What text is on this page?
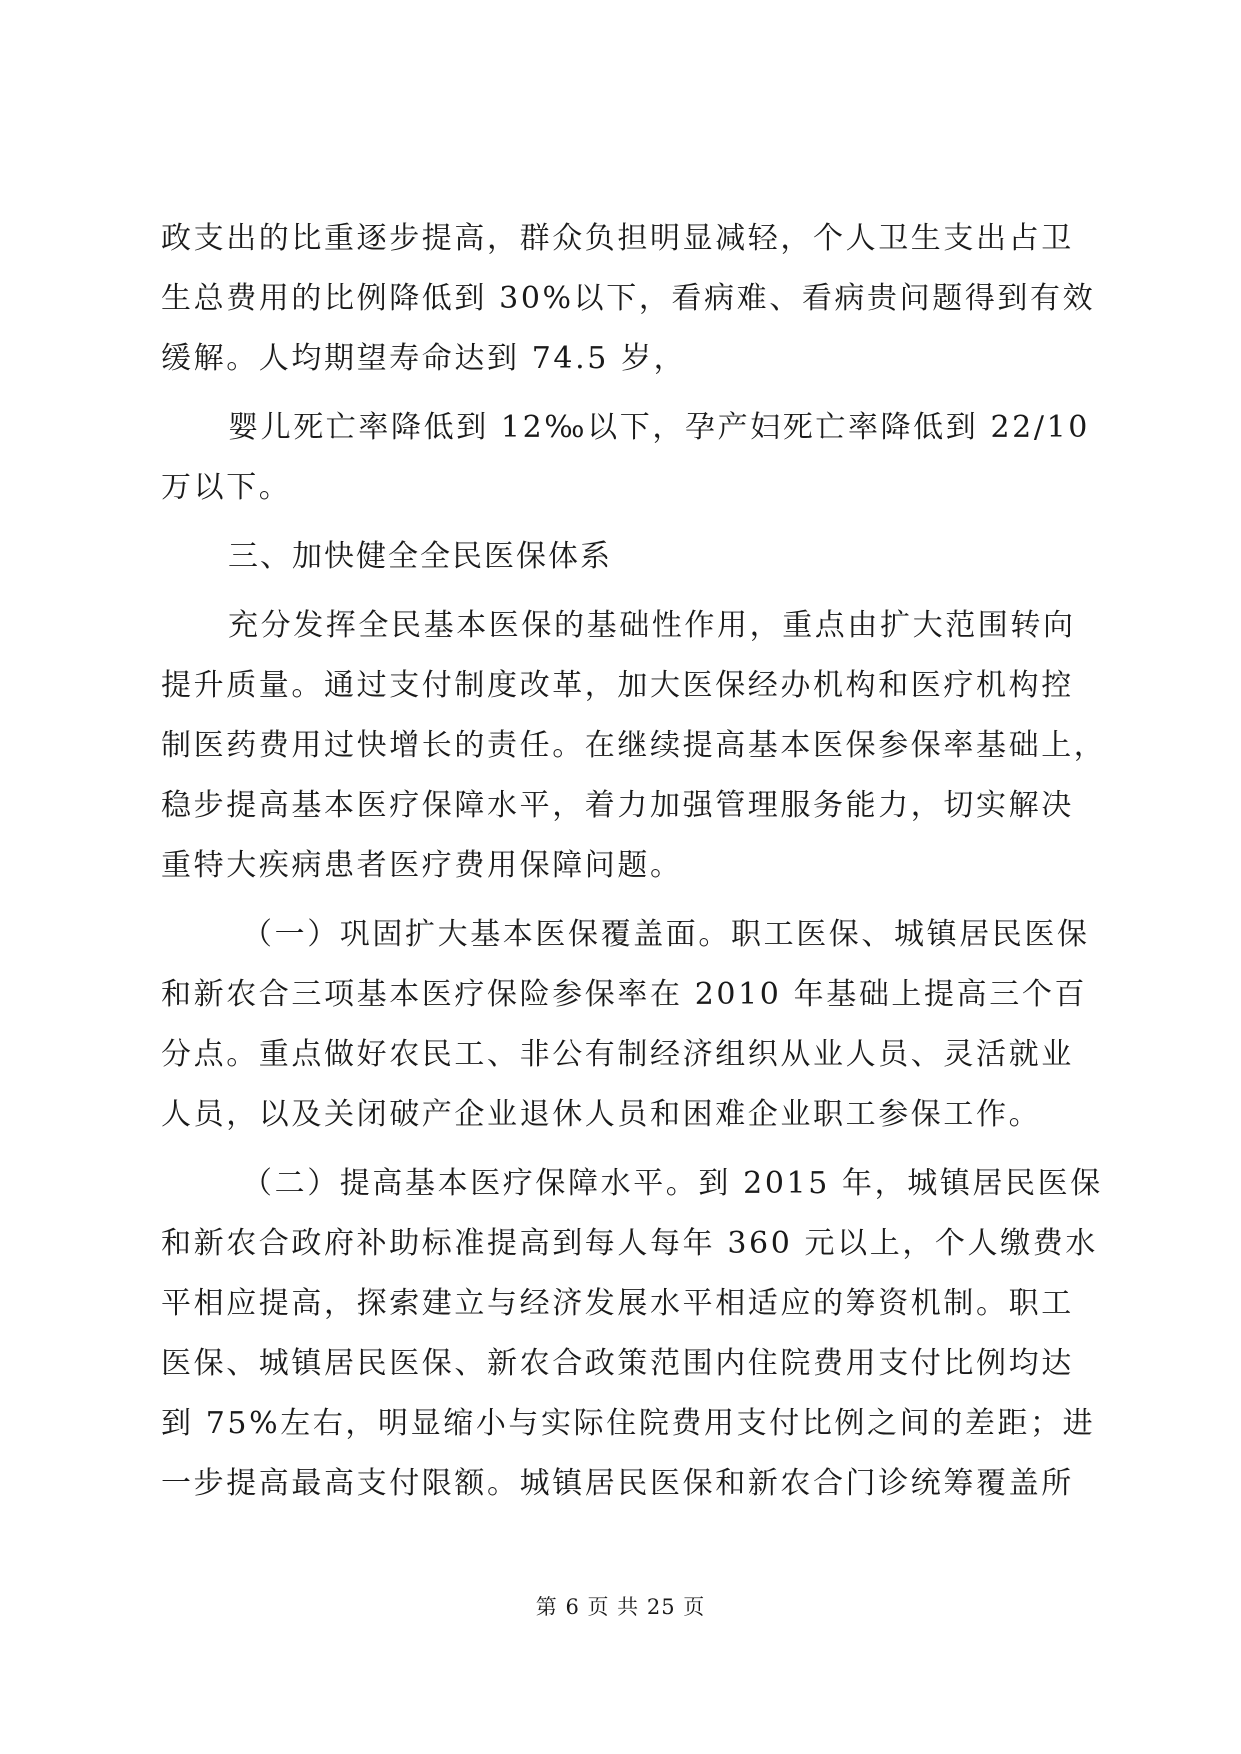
政支出的比重逐步提高，群众负担明显减轻，个人卫生支出占卫
生总费用的比例降低到 30%以下，看病难、看病贵问题得到有效
缓解。人均期望寿命达到 74.5 岁，
婴儿死亡率降低到 12‰以下，孕产妇死亡率降低到 22/10
万以下。
三、加快健全全民医保体系
充分发挥全民基本医保的基础性作用，重点由扩大范围转向
提升质量。通过支付制度改革，加大医保经办机构和医疗机构控
制医药费用过快增长的责任。在继续提高基本医保参保率基础上，
稳步提高基本医疗保障水平，着力加强管理服务能力，切实解决
重特大疾病患者医疗费用保障问题。
（一）巩固扩大基本医保覆盖面。职工医保、城镇居民医保
和新农合三项基本医疗保险参保率在 2010 年基础上提高三个百
分点。重点做好农民工、非公有制经济组织从业人员、灵活就业
人员，以及关闭破产企业退休人员和困难企业职工参保工作。
（二）提高基本医疗保障水平。到 2015 年，城镇居民医保
和新农合政府补助标准提高到每人每年 360 元以上，个人缴费水
平相应提高，探索建立与经济发展水平相适应的筹资机制。职工
医保、城镇居民医保、新农合政策范围内住院费用支付比例均达
到 75%左右，明显缩小与实际住院费用支付比例之间的差距；进
一步提高最高支付限额。城镇居民医保和新农合门诊统筹覆盖所
第 6 页 共 25 页
